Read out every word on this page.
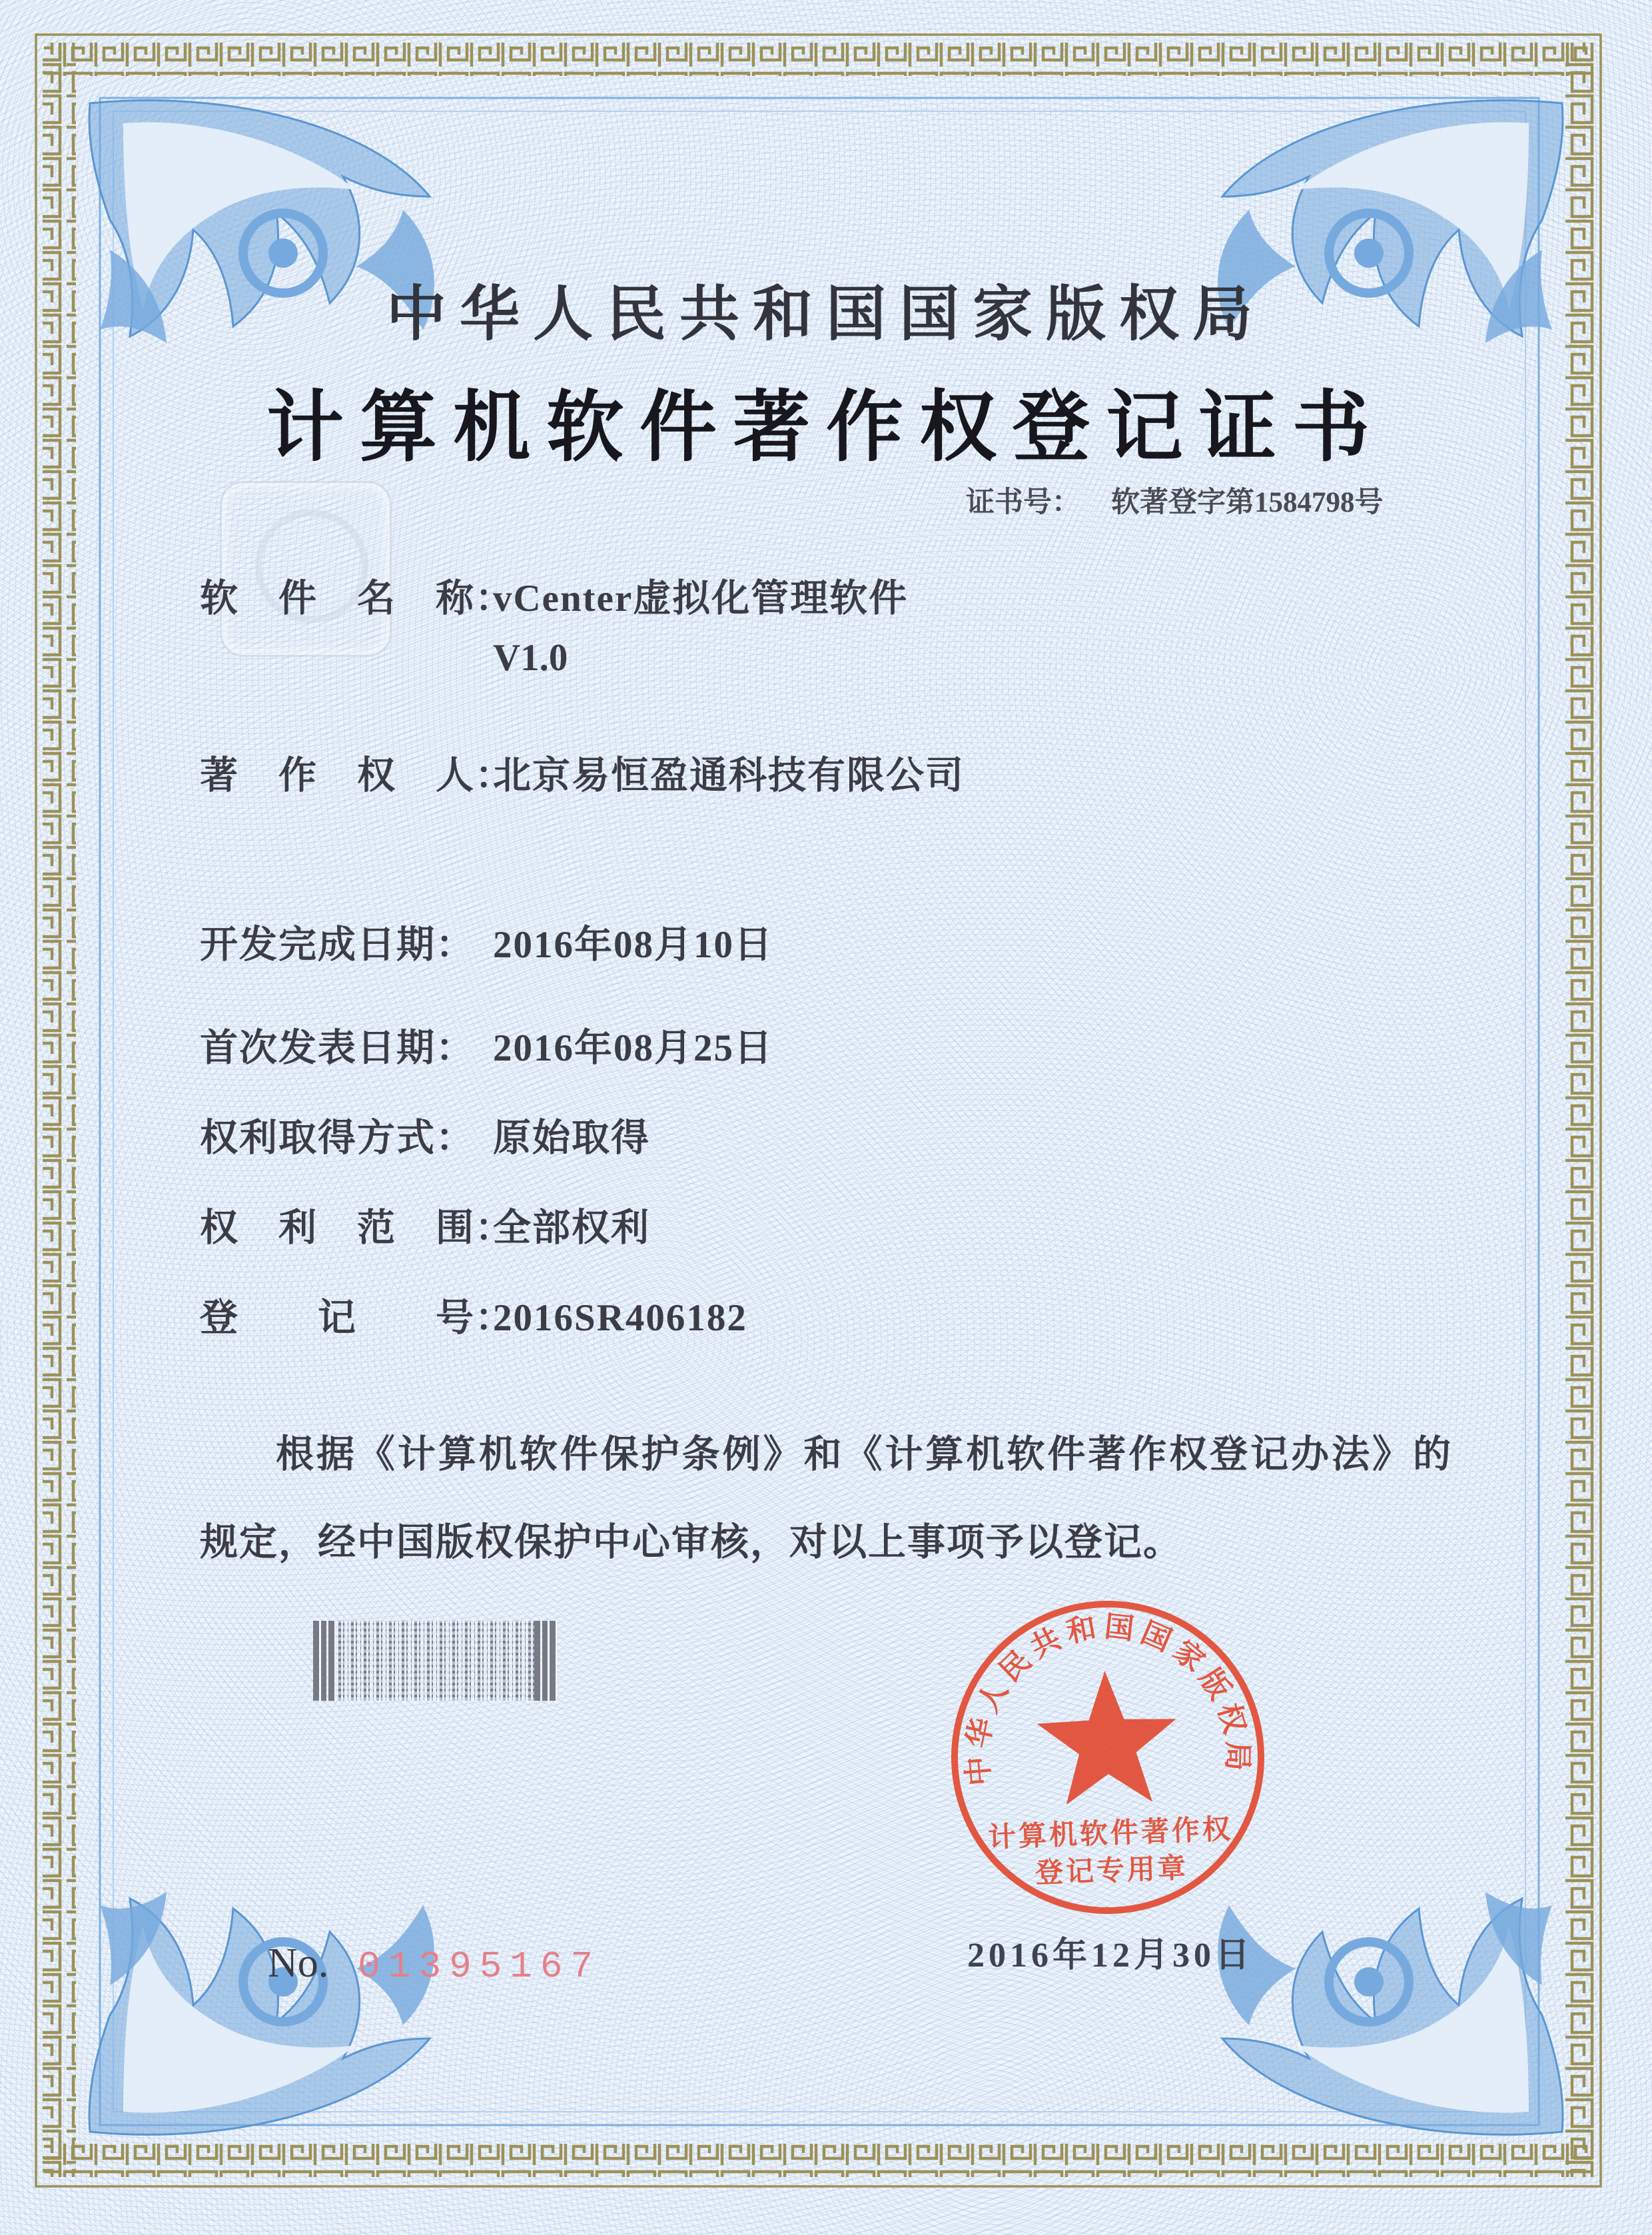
中华人民共和国国家版权局
计算机软件著作权登记证书
证书号： 软著登字第1584798号
软　件　名　称：vCenter虚拟化管理软件
V1.0
著　作　权　人：北京易恒盈通科技有限公司
开发完成日期： 2016年08月10日
首次发表日期： 2016年08月25日
权利取得方式： 原始取得
权　利　范　围：全部权利
登　　记　　号：2016SR406182
根据《计算机软件保护条例》和《计算机软件著作权登记办法》的规定，经中国版权保护中心审核，对以上事项予以登记。
中华人民共和国国家版权局
计算机软件著作权
登记专用章
2016年12月30日
No. 01395167
